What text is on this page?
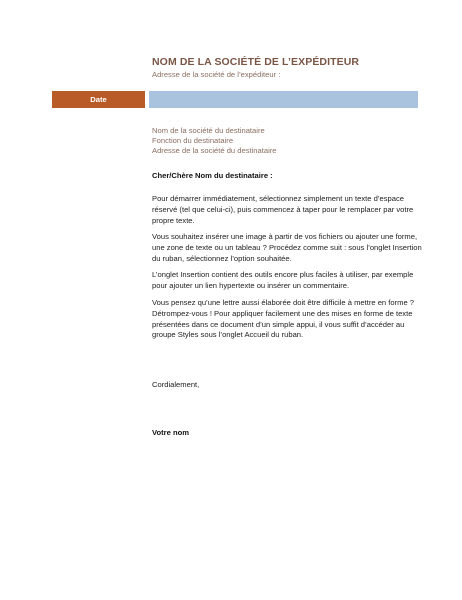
NOM DE LA SOCIÉTÉ DE L’EXPÉDITEUR
Adresse de la société de l’expéditeur :
Date
Nom de la société du destinataire
Fonction du destinataire
Adresse de la société du destinataire
Cher/Chère Nom du destinataire :

Pour démarrer immédiatement, sélectionnez simplement un texte d’espace réservé (tel que celui-ci), puis commencez à taper pour le remplacer par votre propre texte.

Vous souhaitez insérer une image à partir de vos fichiers ou ajouter une forme, une zone de texte ou un tableau ? Procédez comme suit : sous l’onglet Insertion du ruban, sélectionnez l’option souhaitée.

L’onglet Insertion contient des outils encore plus faciles à utiliser, par exemple pour ajouter un lien hypertexte ou insérer un commentaire.

Vous pensez qu’une lettre aussi élaborée doit être difficile à mettre en forme ? Détrompez-vous ! Pour appliquer facilement une des mises en forme de texte présentées dans ce document d’un simple appui, il vous suffit d’accéder au groupe Styles sous l’onglet Accueil du ruban.

Cordialement,
Votre nom
